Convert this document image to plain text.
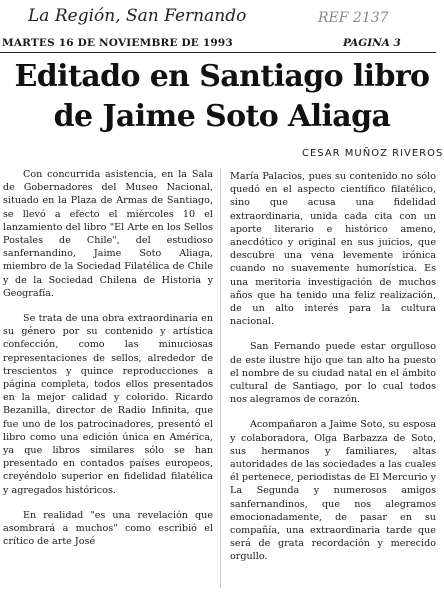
La Región, San Fernando	REF 2137
MARTES 16 DE NOVIEMBRE DE 1993	PAGINA 3
Editado en Santiago libro
de Jaime Soto Aliaga
CESAR MUÑOZ RIVEROS

Con concurrida asistencia, en la Sala de Gobernadores del Museo Nacional, situado en la Plaza de Armas de Santiago, se llevó a efecto el miércoles 10 el lanzamiento del libro "El Arte en los Sellos Postales de Chile", del estudioso sanfernandino, Jaime Soto Aliaga, miembro de la Sociedad Filatélica de Chile y de la Sociedad Chilena de Historia y Geografía.

Se trata de una obra extraordinaria en su género por su contenido y artística confección, como las minuciosas representaciones de sellos, alrededor de trescientos y quince reproducciones a página completa, todos ellos presentados en la mejor calidad y colorido. Ricardo Bezanilla, director de Radio Infinita, que fue uno de los patrocinadores, presentó el libro como una edición única en América, ya que libros similares sólo se han presentado en contados países europeos, creyéndolo superior en fidelidad filatélica y agregados históricos.

En realidad "es una revelación que asombrará a muchos" como escribió el crítico de arte José

María Palacios, pues su contenido no sólo quedó en el aspecto científico filatélico, sino que acusa una fidelidad extraordinaria, unida cada cita con un aporte literario e histórico ameno, anecdótico y original en sus juicios, que descubre una vena levemente irónica cuando no suavemente humorística. Es una meritoria investigación de muchos años que ha tenido una feliz realización, de un alto interés para la cultura nacional.

San Fernando puede estar orgulloso de este ilustre hijo que tan alto ha puesto el nombre de su ciudad natal en el ámbito cultural de Santiago, por lo cual todos nos alegramos de corazón.

Acompañaron a Jaime Soto, su esposa y colaboradora, Olga Barbazza de Soto, sus hermanos y familiares, altas autoridades de las sociedades a las cuales él pertenece, periodistas de El Mercurio y La Segunda y numerosos amigos sanfernandinos, que nos alegramos emocionadamente, de pasar en su compañía, una extraordinaria tarde que será de grata recordación y merecido orgullo.
